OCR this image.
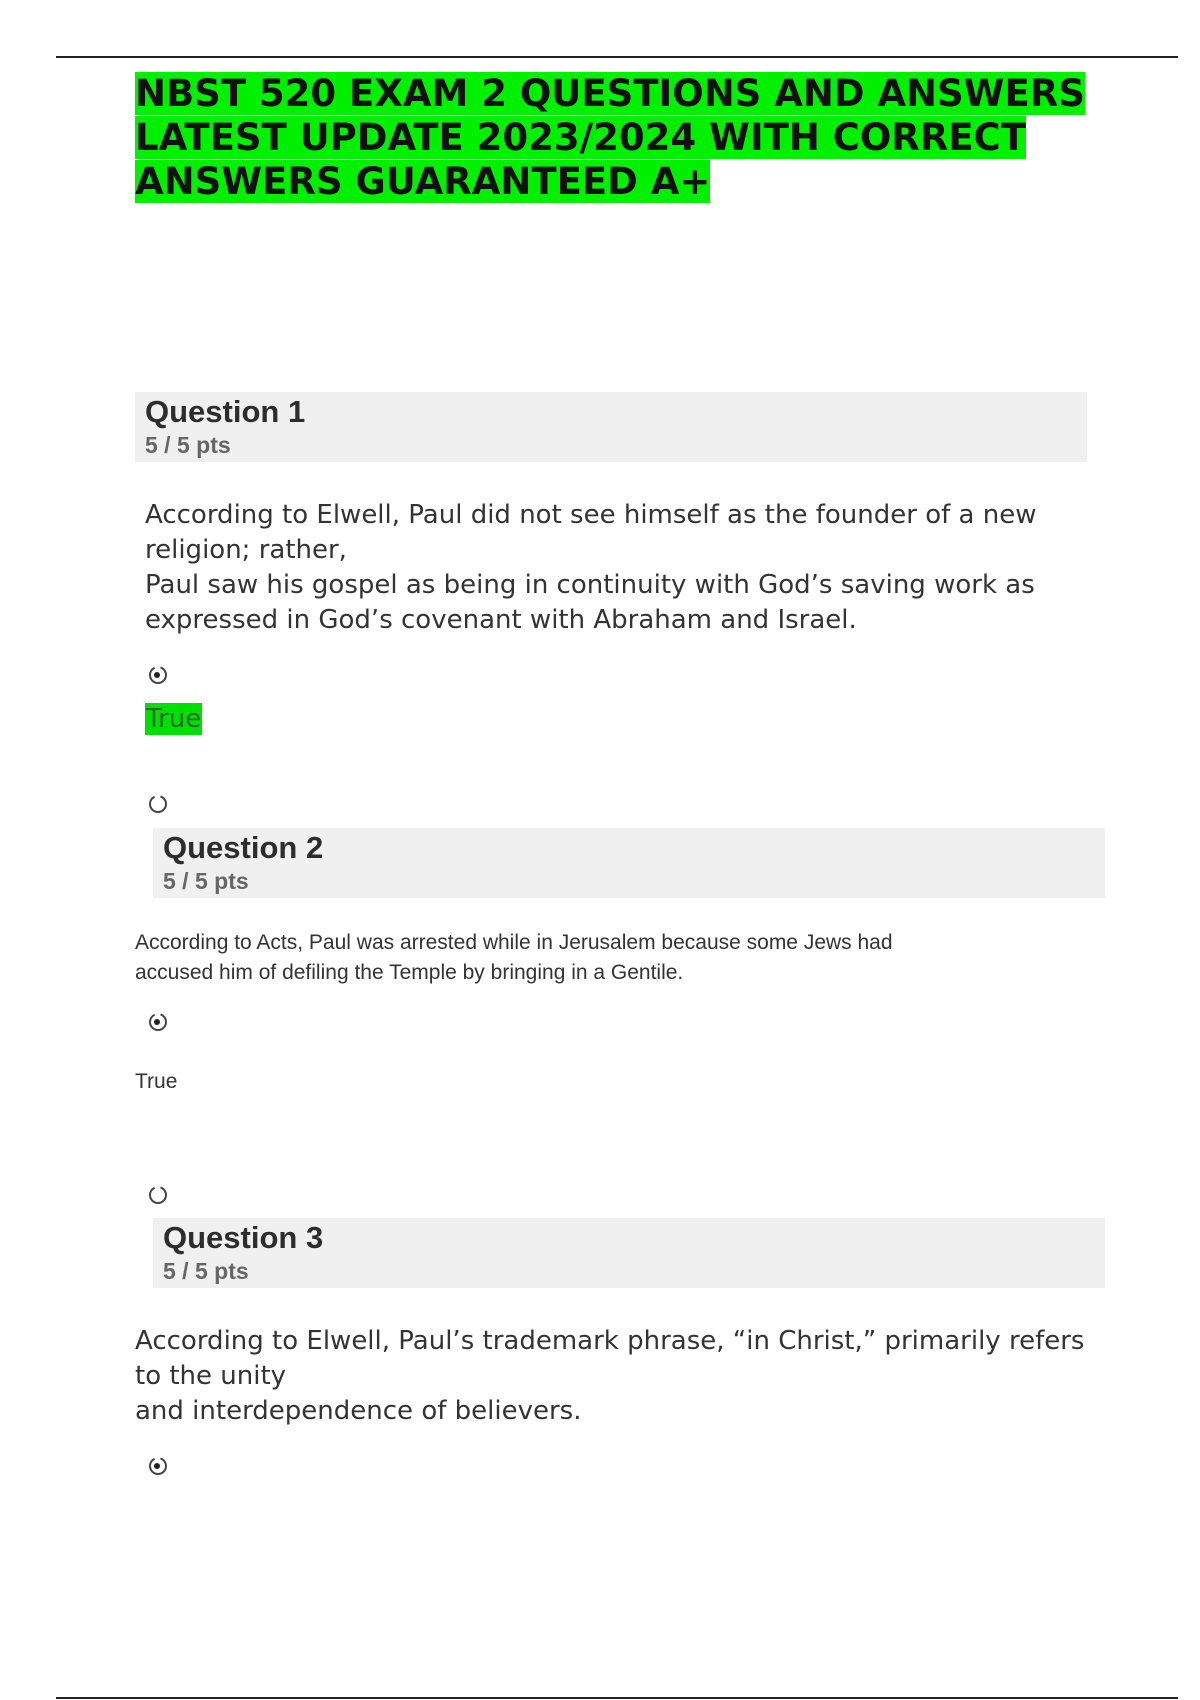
NBST 520 EXAM 2 QUESTIONS AND ANSWERS LATEST UPDATE 2023/2024 WITH CORRECT ANSWERS GUARANTEED A+
Question 1
5 / 5 pts
According to Elwell, Paul did not see himself as the founder of a new
religion; rather,
Paul saw his gospel as being in continuity with God’s saving work as
expressed in God’s covenant with Abraham and Israel.
True
Question 2
5 / 5 pts
According to Acts, Paul was arrested while in Jerusalem because some Jews had
accused him of defiling the Temple by bringing in a Gentile.
True
Question 3
5 / 5 pts
According to Elwell, Paul’s trademark phrase, “in Christ,” primarily refers
to the unity
and interdependence of believers.
